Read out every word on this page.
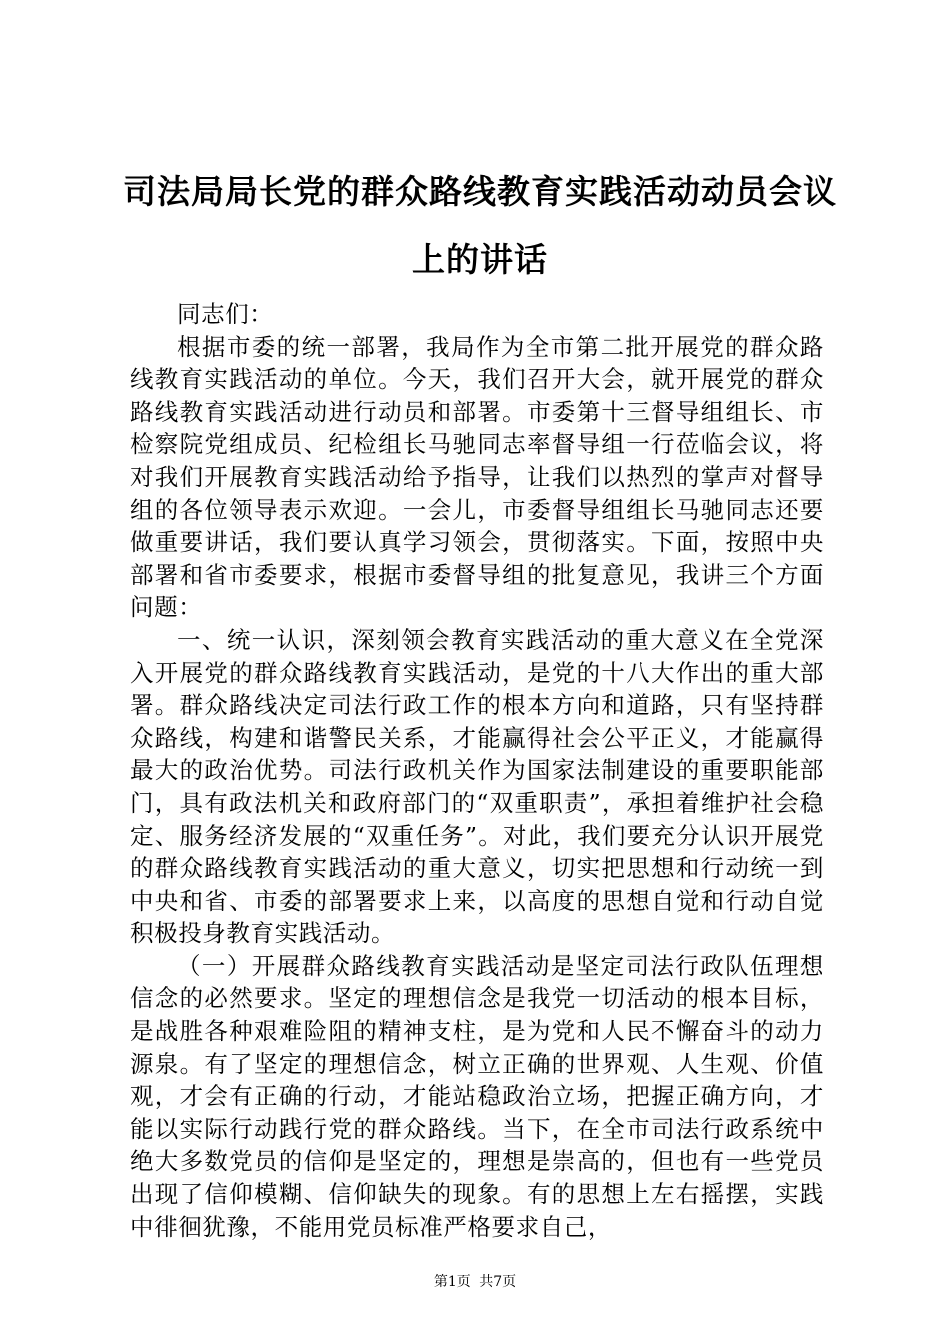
司法局局长党的群众路线教育实践活动动员会议上的讲话

同志们：

根据市委的统一部署，我局作为全市第二批开展党的群众路线教育实践活动的单位。今天，我们召开大会，就开展党的群众路线教育实践活动进行动员和部署。市委第十三督导组组长、市检察院党组成员、纪检组长马驰同志率督导组一行莅临会议，将对我们开展教育实践活动给予指导，让我们以热烈的掌声对督导组的各位领导表示欢迎。一会儿，市委督导组组长马驰同志还要做重要讲话，我们要认真学习领会，贯彻落实。下面，按照中央部署和省市委要求，根据市委督导组的批复意见，我讲三个方面问题：

一、统一认识，深刻领会教育实践活动的重大意义在全党深入开展党的群众路线教育实践活动，是党的十八大作出的重大部署。群众路线决定司法行政工作的根本方向和道路，只有坚持群众路线，构建和谐警民关系，才能赢得社会公平正义，才能赢得最大的政治优势。司法行政机关作为国家法制建设的重要职能部门，具有政法机关和政府部门的“双重职责”，承担着维护社会稳定、服务经济发展的“双重任务”。对此，我们要充分认识开展党的群众路线教育实践活动的重大意义，切实把思想和行动统一到中央和省、市委的部署要求上来，以高度的思想自觉和行动自觉积极投身教育实践活动。

（一）开展群众路线教育实践活动是坚定司法行政队伍理想信念的必然要求。坚定的理想信念是我党一切活动的根本目标，是战胜各种艰难险阻的精神支柱，是为党和人民不懈奋斗的动力源泉。有了坚定的理想信念，树立正确的世界观、人生观、价值观，才会有正确的行动，才能站稳政治立场，把握正确方向，才能以实际行动践行党的群众路线。当下，在全市司法行政系统中绝大多数党员的信仰是坚定的，理想是崇高的，但也有一些党员出现了信仰模糊、信仰缺失的现象。有的思想上左右摇摆，实践中徘徊犹豫，不能用党员标准严格要求自己，

第1页 共7页
